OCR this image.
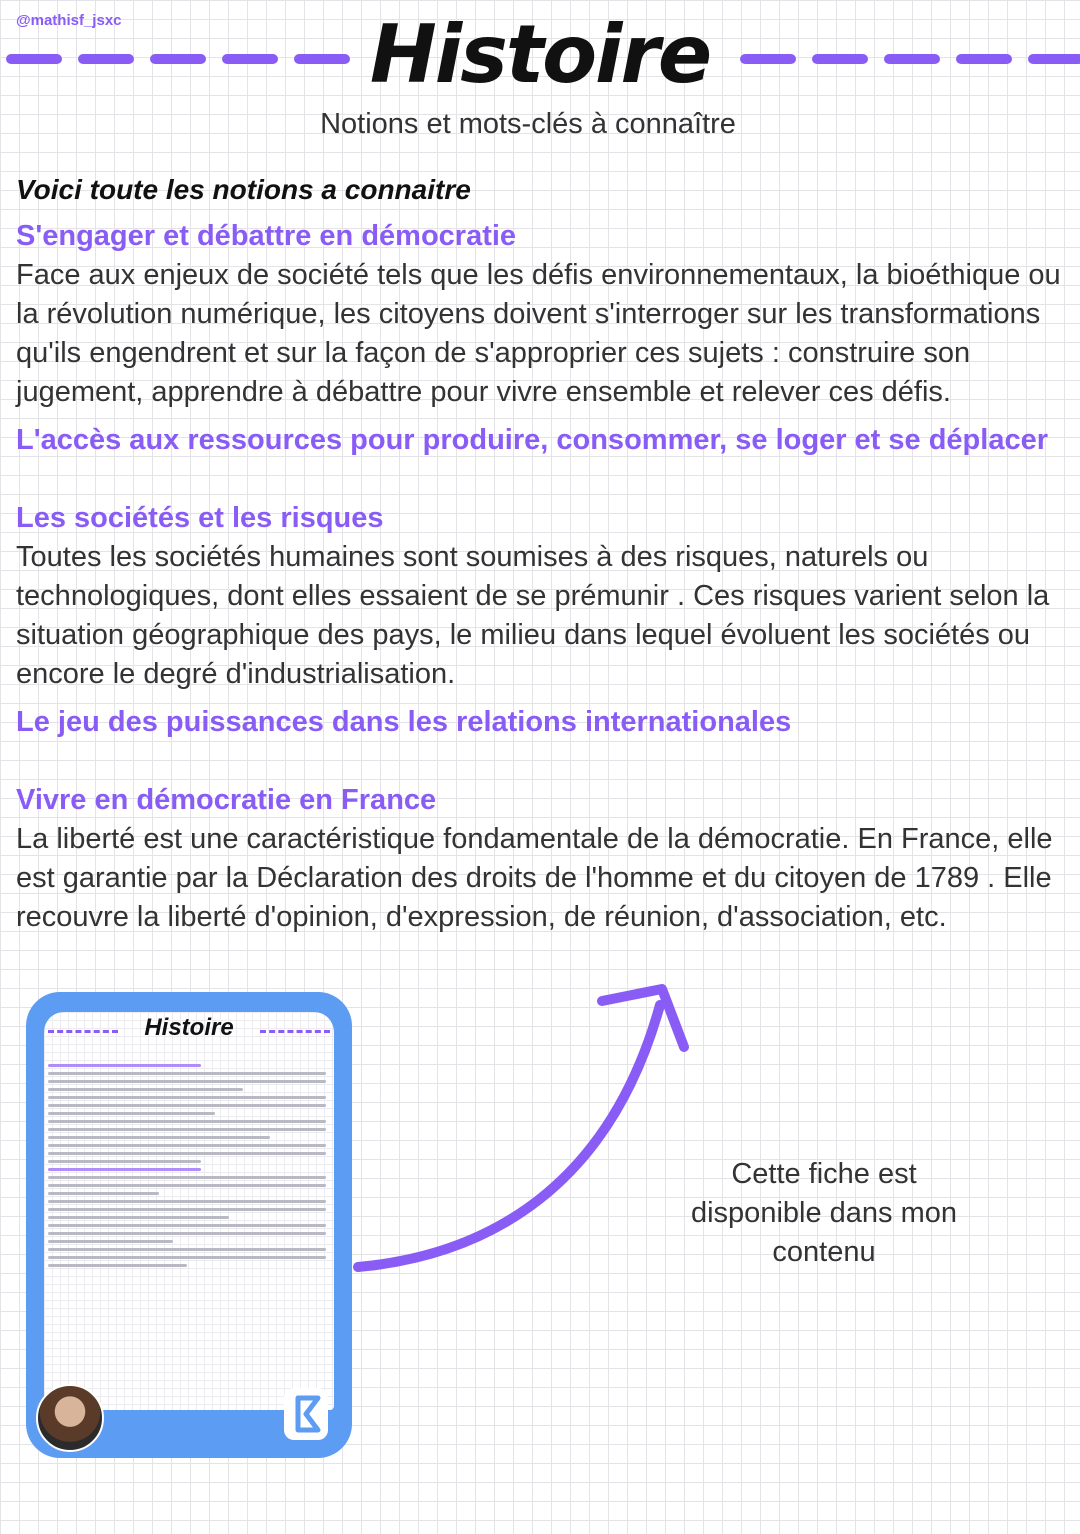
@mathisf_jsxc	Histoire
Notions et mots-clés à connaître
Voici toute les notions a connaitre
S'engager et débattre en démocratie

Face aux enjeux de société tels que les défis environnementaux, la bioéthique ou la révolution numérique, les citoyens doivent s'interroger sur les transformations qu'ils engendrent et sur la façon de s'approprier ces sujets : construire son jugement, apprendre à débattre pour vivre ensemble et relever ces défis.

L'accès aux ressources pour produire, consommer, se loger et se déplacer
Les sociétés et les risques

Toutes les sociétés humaines sont soumises à des risques, naturels ou technologiques, dont elles essaient de se prémunir . Ces risques varient selon la situation géographique des pays, le milieu dans lequel évoluent les sociétés ou encore le degré d'industrialisation.

Le jeu des puissances dans les relations internationales
Vivre en démocratie en France

La liberté est une caractéristique fondamentale de la démocratie. En France, elle est garantie par la Déclaration des droits de l'homme et du citoyen de 1789 . Elle recouvre la liberté d'opinion, d'expression, de réunion, d'association, etc.

Histoire
Cette fiche est disponible dans mon contenu
